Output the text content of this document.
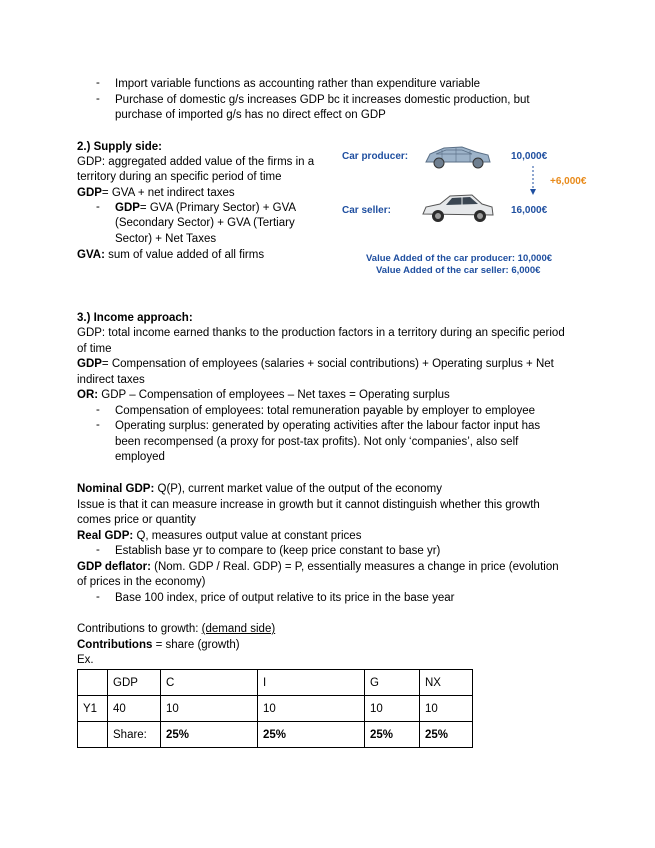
- Import variable functions as accounting rather than expenditure variable
- Purchase of domestic g/s increases GDP bc it increases domestic production, but
purchase of imported g/s has no direct effect on GDP
2.) Supply side:
GDP: aggregated added value of the firms in a
territory during an specific period of time
GDP= GVA + net indirect taxes
- GDP= GVA (Primary Sector) + GVA
(Secondary Sector) + GVA (Tertiary
Sector) + Net Taxes
GVA: sum of value added of all firms
Car producer:	10,000€
+6,000€
Car seller:	16,000€
Value Added of the car producer: 10,000€
Value Added of the car seller: 6,000€
3.) Income approach:
GDP: total income earned thanks to the production factors in a territory during an specific period
of time
GDP= Compensation of employees (salaries + social contributions) + Operating surplus + Net
indirect taxes
OR: GDP – Compensation of employees – Net taxes = Operating surplus
- Compensation of employees: total remuneration payable by employer to employee
- Operating surplus: generated by operating activities after the labour factor input has
been recompensed (a proxy for post-tax profits). Not only ‘companies’, also self
employed
Nominal GDP: Q(P), current market value of the output of the economy
Issue is that it can measure increase in growth but it cannot distinguish whether this growth
comes price or quantity
Real GDP: Q, measures output value at constant prices
- Establish base yr to compare to (keep price constant to base yr)
GDP deflator: (Nom. GDP / Real. GDP) = P, essentially measures a change in price (evolution
of prices in the economy)
- Base 100 index, price of output relative to its price in the base year
Contributions to growth: (demand side)
Contributions = share (growth)
Ex.
	GDP	C	I	G	NX
Y1	40	10	10	10	10
	Share:	25%	25%	25%	25%
